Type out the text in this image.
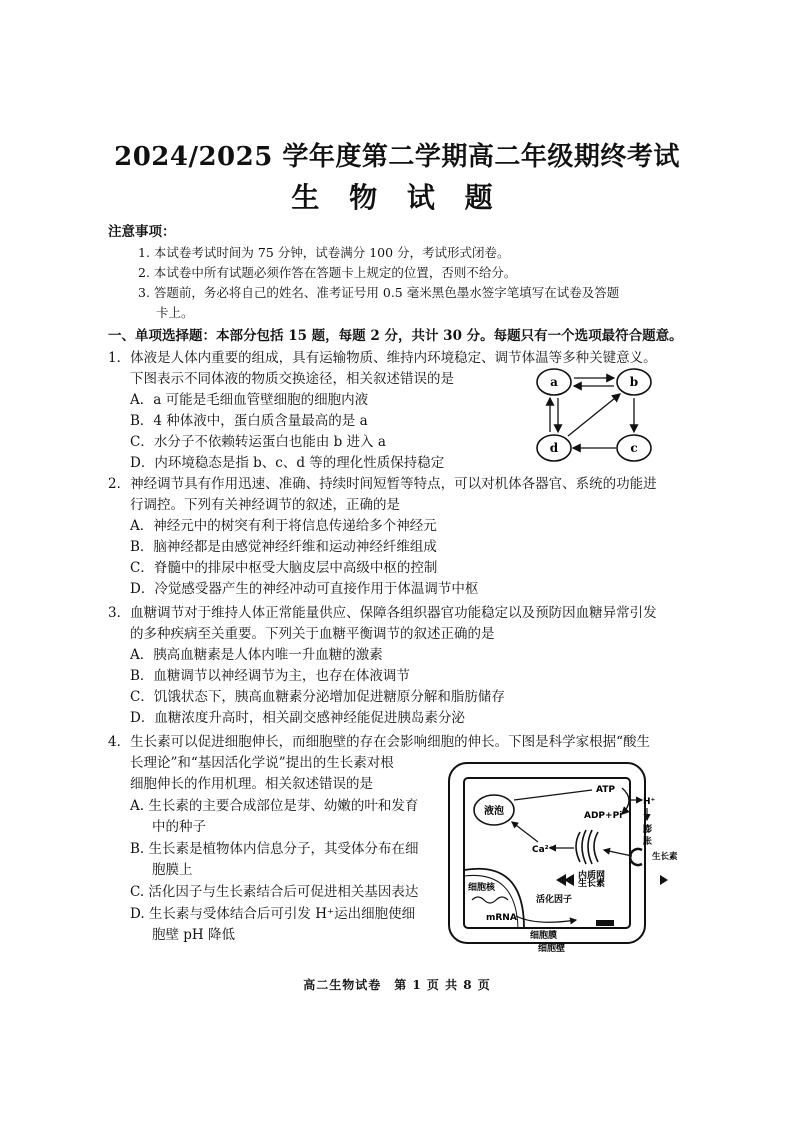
2024/2025 学年度第二学期高二年级期终考试
生 物 试 题
注意事项：
1. 本试卷考试时间为 75 分钟，试卷满分 100 分，考试形式闭卷。
2. 本试卷中所有试题必须作答在答题卡上规定的位置，否则不给分。
3. 答题前，务必将自己的姓名、准考证号用 0.5 毫米黑色墨水签字笔填写在试卷及答题
卡上。
一、单项选择题：本部分包括 15 题，每题 2 分，共计 30 分。每题只有一个选项最符合题意。
1．体液是人体内重要的组成，具有运输物质、维持内环境稳定、调节体温等多种关键意义。
下图表示不同体液的物质交换途径，相关叙述错误的是
A．a 可能是毛细血管壁细胞的细胞内液
B．4 种体液中，蛋白质含量最高的是 a
C．水分子不依赖转运蛋白也能由 b 进入 a
D．内环境稳态是指 b、c、d 等的理化性质保持稳定
a	b
c
d
2．神经调节具有作用迅速、准确、持续时间短暂等特点，可以对机体各器官、系统的功能进
行调控。下列有关神经调节的叙述，正确的是
A．神经元中的树突有利于将信息传递给多个神经元
B．脑神经都是由感觉神经纤维和运动神经纤维组成
C．脊髓中的排尿中枢受大脑皮层中高级中枢的控制
D．冷觉感受器产生的神经冲动可直接作用于体温调节中枢
3．血糖调节对于维持人体正常能量供应、保障各组织器官功能稳定以及预防因血糖异常引发
的多种疾病至关重要。下列关于血糖平衡调节的叙述正确的是
A．胰高血糖素是人体内唯一升血糖的激素
B．血糖调节以神经调节为主，也存在体液调节
C．饥饿状态下，胰高血糖素分泌增加促进糖原分解和脂肪储存
D．血糖浓度升高时，相关副交感神经能促进胰岛素分泌
4．生长素可以促进细胞伸长，而细胞壁的存在会影响细胞的伸长。下图是科学家根据“酸生
长理论”和“基因活化学说”提出的生长素对根
细胞伸长的作用机理。相关叙述错误的是
A. 生长素的主要合成部位是芽、幼嫩的叶和发育
中的种子
B. 生长素是植物体内信息分子，其受体分布在细
胞膜上
C. 活化因子与生长素结合后可促进相关基因表达
D. 生长素与受体结合后可引发 H⁺运出细胞使细
胞壁 pH 降低
液泡
ATP
ADP+Pi
H⁺
膨
胀
Ca²⁺
内质网
生长素
生长素
活化因子
细胞核
mRNA
细胞膜
细胞壁
高二生物试卷　第 1 页 共 8 页
